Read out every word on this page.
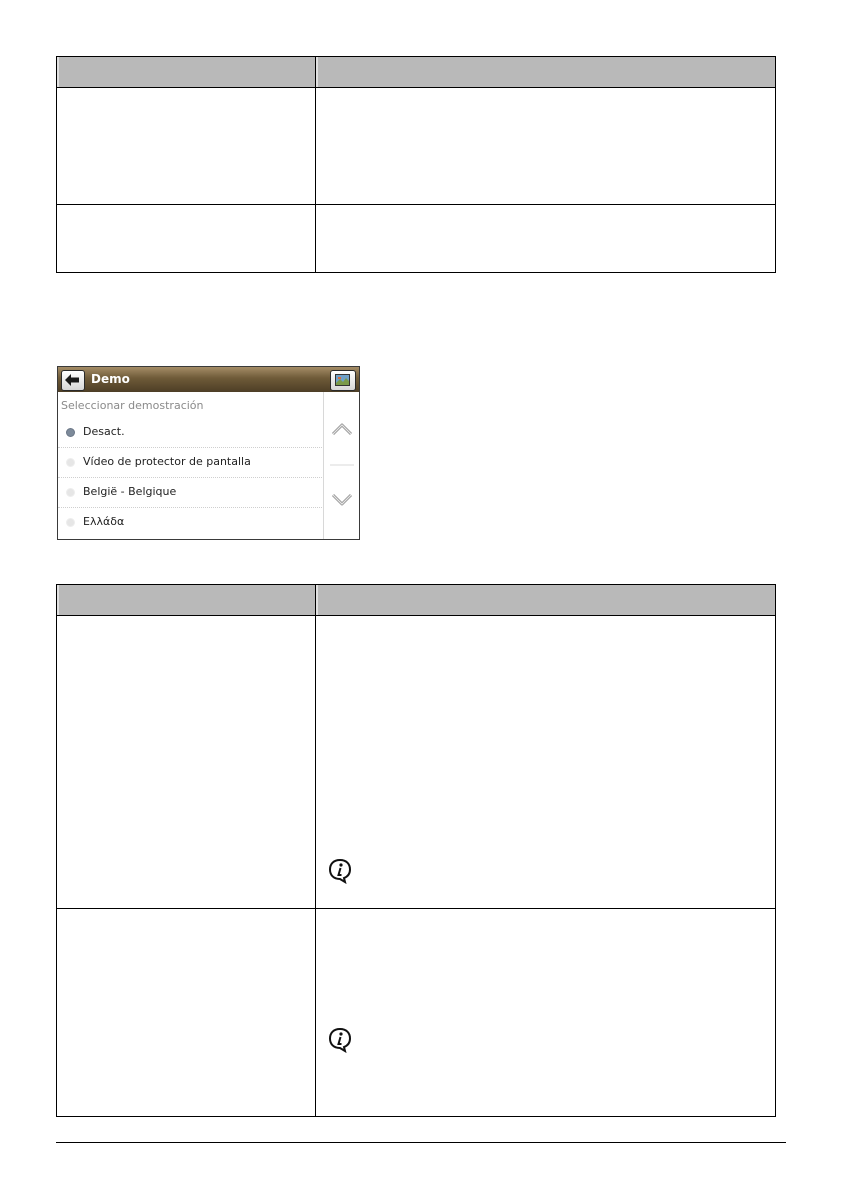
Demo
Seleccionar demostración
Desact.
Vídeo de protector de pantalla
België - Belgique
Ελλάδα
